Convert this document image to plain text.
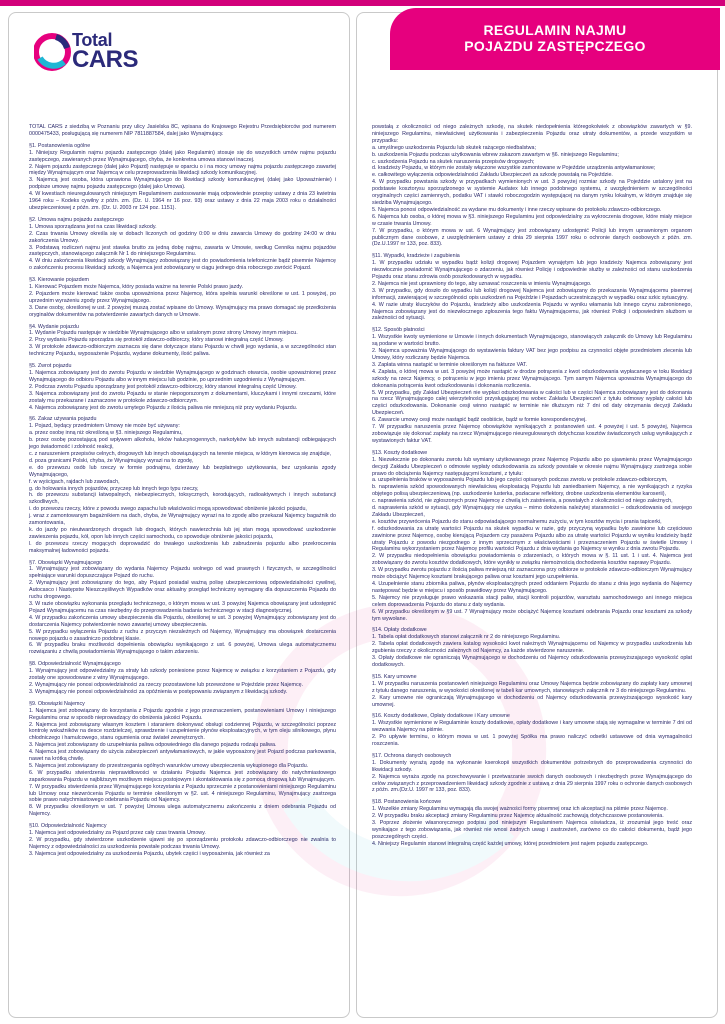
REGULAMIN NAJMU
POJAZDU ZASTĘPCZEGO
Total
CARS

TOTAL CARS z siedzibą w Poznaniu przy ulicy Jasielska 8C, wpisana do Krajowego Rejestru Przedsiębiorców pod numerem 0000475433, posługującą się numerem NIP 7811887584, dalej jako Wynajmujący.

§1. Postanowienia ogólne
1. Niniejszy Regulamin najmu pojazdu zastępczego (dalej jako Regulamin) stosuje się do wszystkich umów najmu pojazdu zastępczego, zawieranych przez Wynajmującego, chyba, że konkretna umowa stanowi inaczej.
2. Najem pojazdu zastępczego (dalej jako Pojazd) następuje w oparciu o i na mocy umowy najmu pojazdu zastępczego zawartej między Wynajmującym oraz Najemcą w celu przeprowadzenia likwidacji szkody komunikacyjnej.
3. Najemcą jest osoba, która uprawiona Wynajmującego do likwidacji szkody komunikacyjnej (dalej jako Upoważnienie) i podpisze umowę najmu pojazdu zastępczego (dalej jako Umowa).
4. W kwestiach nieuregulowanych niniejszym Regulaminem zastosowanie mają odpowiednie przepisy ustawy z dnia 23 kwietnia 1964 roku – Kodeks cywilny z późn. zm. (Dz. U. 1964 nr 16 poz. 93) oraz ustawy z dnia 22 maja 2003 roku o działalności ubezpieczeniowej z późn. zm. (Dz. U. 2003 nr 124 poz. 1151).
§2. Umowa najmu pojazdu zastępczego
1. Umowa sporządzana jest na czas likwidacji szkody.
2. Czas trwania Umowy określa się w dobach liczonych od godziny 0:00 w dniu zawarcia Umowy do godziny 24:00 w dniu zakończenia Umowy.
3. Podstawą rozliczeń najmu jest stawka brutto za jedną dobę najmu, zawarta w Umowie, według Cennika najmu pojazdów zastępczych, stanowiącego załącznik Nr 1 do niniejszego Regulaminu.
4. W dniu zakończenia likwidacji szkody Wynajmujący zobowiązany jest do powiadomienia telefonicznie bądź pisemnie Najemcę o zakończeniu procesu likwidacji szkody, a Najemca jest zobowiązany w ciągu jednego dnia roboczego zwrócić Pojazd.
§3. Kierowanie pojazdem
1. Kierować Pojazdem może Najemca, który posiada ważne na terenie Polski prawo jazdy.
2. Pojazdem może kierować także osoba upoważniona przez Najemcę, która spełnia warunki określone w ust. 1 powyżej, po uprzednim wyrażeniu zgody przez Wynajmującego.
3. Dane osoby, określonej w ust. 2 powyżej muszą zostać wpisane do Umowy. Wynajmujący ma prawo domagać się przedłożenia oryginałów dokumentów na potwierdzenie zawartych danych w Umowie.
§4. Wydanie pojazdu
1. Wydanie Pojazdu następuje w siedzibie Wynajmującego albo w ustalonym przez strony Umowy innym miejscu.
2. Przy wydaniu Pojazdu sporządza się protokół zdawczo-odbiorczy, który stanowi integralną część Umowy.
3. W protokole zdawczo-odbiorczym zaznacza się dane dotyczące stanu Pojazdu w chwili jego wydania, a w szczególności stan techniczny Pojazdu, wyposażenie Pojazdu, wydane dokumenty, ilość paliwa.
§5. Zwrot pojazdu
1. Najemca zobowiązany jest do zwrotu Pojazdu w siedzibie Wynajmującego w godzinach otwarcia, osobie upoważnionej przez Wynajmującego do odbioru Pojazdu albo w innym miejscu lub godzinie, po uprzednim uzgodnieniu z Wynajmującym.
2. Podczas zwrotu Pojazdu sporządzany jest protokół zdawczo-odbiorczy, który stanowi integralną część Umowy.
3. Najemca zobowiązany jest do zwrotu Pojazdu w stanie niepogorszonym z dokumentami, kluczykami i innymi rzeczami, które zostały mu przekazane i zaznaczone w protokole zdawczo-odbiorczym.
4. Najemca zobowiązany jest do zwrotu umytego Pojazdu z ilością paliwa nie mniejszą niż przy wydaniu Pojazdu.
§6. Zakaz używania pojazdu
1. Pojazd, będący przedmiotem Umowy nie może być używany:
a. przez osobę inną niż określoną w §3. niniejszego Regulaminu,
b. przez osobę pozostającą pod wpływem alkoholu, leków halucynogennych, narkotyków lub innych substancji odbiegających jego świadomość i zdolność reakcji,
c. z naruszeniem przepisów celnych, drogowych lub innych obowiązujących na terenie miejsca, w którym kierowca się znajduje,
d. poza granicami Polski, chyba, że Wynajmujący wyrazi na to zgodę,
e. do przewozu osób lub rzeczy w formie podnajmu, dzierżawy lub bezpłatnego użytkowania, bez uzyskania zgody Wynajmującego,
f. w wyścigach, rajdach lub zawodach,
g. do holowania innych pojazdów, przyczep lub innych tego typu rzeczy,
h. do przewozu substancji łatwopalnych, niebezpiecznych, toksycznych, korodujących, radioaktywnych i innych substancji szkodliwych,
i. do przewozu rzeczy, które z powodu swego zapachu lub właściwości mogą spowodować obniżenie jakości pojazdu,
j. wraz z zamontowanym bagażnikiem na dach, chyba, że Wynajmujący wyrazi na to zgodę albo przekazał Najemcy bagażnik do zamontowania,
k. do jazdy po nieutwardzonych drogach lub drogach, których nawierzchnia lub jej stan mogą spowodować uszkodzenie zawieszenia pojazdu, kół, opon lub innych części samochodu, co spowoduje obniżenie jakości pojazdu,
l. do przewozu rzeczy mogących doprowadzić do trwałego uszkodzenia lub zabrudzenia pojazdu albo przekroczenia maksymalnej ładowności pojazdu.
§7. Obowiązki Wynajmującego
1. Wynajmujący jest zobowiązany do wydania Najemcy Pojazdu wolnego od wad prawnych i fizycznych, w szczególności spełniające warunki dopuszczające Pojazd do ruchu.
2. Wynajmujący jest zobowiązany do tego, aby Pojazd posiadał ważną polisę ubezpieczeniową odpowiedzialności cywilnej, Autocasco i Następstw Nieszczęśliwych Wypadków oraz aktualny przegląd techniczny wymagany dla dopuszczenia Pojazdu do ruchu drogowego.
3. W razie obowiązku wykonania przeglądu technicznego, o którym mowa w ust. 3 powyżej Najemca obowiązany jest udostępnić Pojazd Wynajmującemu na czas niezbędny do przeprowadzenia badania technicznego w stacji diagnostycznej.
4. W przypadku zakończenia umowy ubezpieczenia dla Pojazdu, określonej w ust. 3 powyżej Wynajmujący zobowiązany jest do dostarczenia Najemcy potwierdzenie nowo zawartej umowy ubezpieczenia.
5. W przypadku wyłączenia Pojazdu z ruchu z przyczyn niezależnych od Najemcy, Wynajmujący ma obowiązek dostarczenia nowego pojazdu o zasadniczo podobnej klasie.
6. W przypadku braku możliwości dopełnienia obowiązku wynikającego z ust. 6 powyżej, Umowa ulega automatycznemu rozwiązaniu z chwilą powiadomienia Wynajmującego o takim zdarzeniu.
§8. Odpowiedzialność Wynajmującego
1. Wynajmujący jest odpowiedzialny za straty lub szkody poniesione przez Najemcę w związku z korzystaniem z Pojazdu, gdy zostały one spowodowane z winy Wynajmującego.
2. Wynajmujący nie ponosi odpowiedzialności za rzeczy pozostawione lub przewożone w Pojeździe przez Najemcę.
3. Wynajmujący nie ponosi odpowiedzialności za opóźnienia w postępowaniu związanym z likwidacją szkody.
§9. Obowiązki Najemcy
1. Najemca jest zobowiązany do korzystania z Pojazdu zgodnie z jego przeznaczeniem, postanowieniami Umowy i niniejszego Regulaminu oraz w sposób nieprowadzący do obniżenia jakości Pojazdu.
2. Najemca jest zobowiązany własnym kosztem i staraniem dokonywać obsługi codziennej Pojazdu, w szczególności poprzez kontrolę wskaźników na desce rozdzielczej, sprawdzenie i uzupełnienie płynów eksploatacyjnych, w tym oleju silnikowego, płynu chłodniczego i hamulcowego, stanu ogumienia oraz świateł zewnętrznych.
3. Najemca jest zobowiązany do uzupełniania paliwa odpowiedniego dla danego pojazdu rodzaju paliwa.
4. Najemca jest zobowiązany do użycia zabezpieczeń antywłamaniowych, w jakie wyposażony jest Pojazd podczas parkowania, nawet na krótką chwilę.
5. Najemca jest zobowiązany do przestrzegania ogólnych warunków umowy ubezpieczenia wykupionego dla Pojazdu.
6. W przypadku stwierdzenia nieprawidłowości w działaniu Pojazdu Najemca jest zobowiązany do natychmiastowego zaparkowania Pojazdu w najbliższym możliwym miejscu postojowym i skontaktowania się z pomocą drogową lub Wynajmującym.
7. W przypadku stwierdzenia przez Wynajmującego korzystania z Pojazdu sprzecznie z postanowieniami niniejszego Regulaminu lub Umowy oraz niezwrócenia Pojazdu w terminie określonym w §2. ust. 4 niniejszego Regulaminu, Wynajmujący zastrzega sobie prawo natychmiastowego odebrania Pojazdu od Najemcy.
8. W przypadku określonym w ust. 7 powyżej Umowa ulega automatycznemu zakończeniu z dniem odebrania Pojazdu od Najemcy.
§10. Odpowiedzialność Najemcy
1. Najemca jest odpowiedzialny za Pojazd przez cały czas trwania Umowy.
2. W przypadku, gdy stwierdzone uszkodzenie ujawni się po sporządzeniu protokołu zdawczo-odbiorczego nie zwalnia to Najemcy z odpowiedzialności za uszkodzenia powstałe podczas trwania Umowy.
3. Najemca jest odpowiedzialny za uszkodzenia Pojazdu, ubytek części i wyposażenia, jak również za
powstałą z okoliczności od niego zależnych szkodę, na skutek niedopełnienia któregokolwiek z obowiązków zawartych w §9. niniejszego Regulaminu, niewłaściwej użytkowania i zabezpieczenia Pojazdu oraz utraty dokumentów, a przede wszystkim w przypadku:
a. umyślnego uszkodzenia Pojazdu lub skutek rażącego niedbalstwa;
b. uszkodzenia Pojazdu podczas użytkowania wbrew zakazom zawartym w §6. niniejszego Regulaminu;
c. uszkodzenia Pojazdu na skutek naruszenia przepisów drogowych;
d. kradzieży Pojazdu, w którym nie zostały włączone wszystkie zamontowane w Pojeździe urządzenia antywłamaniowe;
e. całkowitego wyłączenia odpowiedzialności Zakładu Ubezpieczeń za szkodę powstałą na Pojeździe.
4. W przypadku powstania szkody w przypadkach wymienionych w ust. 3 powyżej rozmiar szkody na Pojeździe ustalony jest na podstawie kosztorysu sporządzonego w systemie Audatex lub innego podobnego systemu, z uwzględnieniem w szczególności oryginalnych części zamiennych, podatku VAT i stawki roboczogodzin występującej na danym rynku lokalnym, w którym znajduje się siedziba Wynajmującego.
5. Najemca ponosi odpowiedzialność za wydane mu dokumenty i inne rzeczy wpisane do protokołu zdawczo-odbiorczego.
6. Najemca lub osoba, o której mowa w §3. niniejszego Regulaminu jest odpowiedzialny za wykroczenia drogowe, które miały miejsce w czasie trwania Umowy.
7. W przypadku, o którym mowa w ust. 6 Wynajmujący jest zobowiązany udostępnić Policji lub innym uprawnionym organom publicznym dane osobowe, z uwzględnieniem ustawy z dnia 29 sierpnia 1997 roku o ochronie danych osobowych z późn. zm.(Dz.U.1997 nr 133, poz. 833).
§11. Wypadki, kradzieże i zagubienia
1. W przypadku udziału w wypadku bądź kolizji drogowej Pojazdem wynajętym lub jego kradzieży Najemca zobowiązany jest niezwłocznie powiadomić Wynajmującego o zdarzeniu, jak również Policję i odpowiednie służby w zależności od stanu uszkodzenia Pojazdu oraz stanu zdrowia osób poszkodowanych w wypadku.
2. Najemca nie jest uprawniony do tego, aby uznawać roszczenia w imieniu Wynajmującego.
3. W przypadku, gdy doszło do wypadku lub kolizji drogowej Najemca jest zobowiązany do przekazania Wynajmującemu pisemnej informacji, zawierającej w szczególności opis uszkodzeń na Pojeździe i Pojazdach uczestniczących w wypadku oraz szkic sytuacyjny.
4. W razie utraty kluczyków do Pojazdu, kradzieży albo uszkodzenia Pojazdu w wyniku włamania lub innego czynu zabronionego, Najemca zobowiązany jest do niezwłocznego zgłoszenia tego faktu Wynajmującemu, jak również Policji i odpowiednim służbom w zależności od sytuacji.
§12. Sposób płatności
1. Wszystkie kwoty wymienione w Umowie i innych dokumentach Wynajmującego, stanowiących załącznik do Umowy lub Regulaminu są podane w wartości brutto.
2. Najemca upoważnia Wynajmującego do wystawienia faktury VAT bez jego podpisu za czynności objęte przedmiotem zlecenia lub Umowy, który rozliczany będzie Najemca.
3. Zapłata winna nastąpić w terminie określonym na fakturze VAT.
4. Zapłata, o której mowa w ust. 3 powyżej może nastąpić w drodze potrącenia z kwot odszkodowania wypłacanego w toku likwidacji szkody na rzecz Najemcy, o potrąceniu w jego imieniu przez Wynajmującego. Tym samym Najemca upoważnia Wynajmującego do dokonania potrącenia kwot odszkodowania i dokonania rozliczenia.
5. W przypadku, gdy Zakład Ubezpieczeń nie wypłaci odszkodowania w całości lub w części Najemca zobowiązany jest do dokonania na rzecz Wynajmującego całej wierzytelności przysługującej mu wobec Zakładu Ubezpieczeń z tytułu odmowy wypłaty całości lub części odszkodowania. Dokonanie cesji winno nastąpić w terminie nie dłuższym niż 7 dni od daty otrzymania decyzji Zakładu Ubezpieczeń.
6. Zawarcie umowy cesji może nastąpić bądź osobiście, bądź w formie korespondencyjnej.
7. W przypadku naruszenia przez Najemcę obowiązków wynikających z postanowień ust. 4 powyżej i ust. 5 powyżej, Najemca zobowiązuje się dokonać zapłaty na rzecz Wynajmującego nieuregulowanych dotychczas kosztów świadczonych usług wynikających z wystawionych faktur VAT.
§13. Koszty dodatkowe
1. Niezwłocznie po dokonaniu zwrotu lub wymiany użytkowanego przez Najemcę Pojazdu albo po ujawnieniu przez Wynajmującego decyzji Zakładu Ubezpieczeń o odmowie wypłaty odszkodowania za szkody powstałe w okresie najmu Wynajmujący zastrzega sobie prawo do obciążenia Najemcy następującymi kosztami, z tytułu:
a. uzupełnienia braków w wyposażeniu Pojazdu lub jego części opisanych podczas zwrotu w protokole zdawczo-odbiorczym,
b. naprawienia szkód spowodowanych niewłaściwą eksploatacją Pojazdu lub zaniedbaniem Najemcy, a nie wynikających z ryzyka objętego polisą ubezpieczeniową (np. uszkodzenie lusterka, pozłacane reflektory, drobne uszkodzenia elementów karoserii),
c. naprawienia szkód, nie zgłoszonych przez Najemcę z chwilą ich zaistnienia, a powstałych z okoliczności od niego zależnych,
d. naprawienia szkód w sytuacji, gdy Wynajmujący nie uzyska – mimo dołożenia należytej staranności – odszkodowania od swojego Zakładu Ubezpieczeń,
e. kosztów przywrócenia Pojazdu do stanu odpowiadającego normalnemu zużyciu, w tym kosztów mycia i prania tapicerki,
f. odszkodowania za utratę wartości Pojazdu na skutek wypadku w razie, gdy przyczyną wypadku było zawinione lub częściowo zawinione przez Najemcę, osobę kierującą Pojazdem czy pasażera Pojazdu albo za utratę wartości Pojazdu w wyniku kradzieży bądź utraty Pojazdu z powodu niezgodnego z innym sprzecznym z właściwościami i przeznaczeniem Pojazdu w świetle Umowy i Regulaminu wykorzystaniem przez Najemcę profilu wartości Pojazdu z dnia wydania go Najemcy w wyniku z dnia zwrotu Pojazdu.
2. W przypadku niedopełnienia obowiązku powiadomienia o zdarzeniach, o których mowa w §. 11 ust. 1 i ust. 4. Najemca jest zobowiązany do zwrotu kosztów dodatkowych, które wynikły w związku niemożnością dochodzenia kosztów naprawy Pojazdu.
3. W przypadku zwrotu pojazdu z ilością paliwa mniejszą niż zaznaczona przy odbiorze w protokole zdawczo-odbiorczym Wynajmujący może obciążyć Najemcę kosztami brakującego paliwa oraz kosztami jego uzupełnienia.
4. Uzupełnienie stanu zbiornika paliwa, płynów eksploatacyjnych przed oddaniem Pojazdu do stanu z dnia jego wydania do Najemcy następować będzie w miejscu i sposób prawidłowy przez Wynajmującego.
5. Najemcy nie przysługuje prawo wskazania stacji paliw, stacji kontroli pojazdów, warsztatu samochodowego ani innego miejsca celem doprowadzenia Pojazdu do stanu z daty wydania.
6. W przypadku określonym w §9 ust. 7 Wynajmujący może obciążyć Najemcę kosztami odebrania Pojazdu oraz kosztami za szkody tym wywołane.
§14. Opłaty dodatkowe
1. Tabela opłat dodatkowych stanowi załącznik nr 2 do niniejszego Regulaminu.
2. Tabela opłat dodatkowych zawiera katalog wysokości kwot należnych Wynajmującemu od Najemcy w przypadku uszkodzenia lub zgubienia rzeczy z okoliczności zależnych od Najemcy, za każde stwierdzone naruszenie.
3. Opłaty dodatkowe nie ograniczają Wynajmującego w dochodzeniu od Najemcy odszkodowania przewyższającego wysokość opłat dodatkowych.
§15. Kary umowne
1. W przypadku naruszenia postanowień niniejszego Regulaminu oraz Umowy Najemca będzie zobowiązany do zapłaty kary umownej z tytułu danego naruszenia, w wysokości określonej w tabeli kar umownych, stanowiących załącznik nr 3 do niniejszego Regulaminu.
2. Kary umowne nie ograniczają Wynajmującego w dochodzeniu od Najemcy odszkodowania przewyższającego wysokość kary umownej.
§16. Koszty dodatkowe, Opłaty dodatkowe i Kary umowne
1. Wszystkie wymienione w Regulaminie koszty dodatkowe, opłaty dodatkowe i kary umowne stają się wymagalne w terminie 7 dni od wezwania Najemcy na piśmie.
2. Po upływie terminu, o którym mowa w ust. 1 powyżej Spółka ma prawo naliczyć odsetki ustawowe od dnia wymagalności roszczenia.
§17. Ochrona danych osobowych
1. Dokumenty wyrażą zgodę na wykonanie kserokopii wszystkich dokumentów potrzebnych do przeprowadzenia czynności do likwidacji szkody.
2. Najemca wyraża zgodę na przechowywanie i przetwarzanie swoich danych osobowych i niezbędnych przez Wynajmującego do celów związanych z przeprowadzeniem likwidacji szkody zgodnie z ustawą z dnia 29 sierpnia 1997 roku o ochronie danych osobowych z późn. zm.(Dz.U. 1997 nr 133, poz. 833).
§18. Postanowienia końcowe
1. Wszelkie zmiany Regulaminu wymagają dla swojej ważności formy pisemnej oraz ich akceptacji na piśmie przez Najemcę.
2. W przypadku braku akceptacji zmiany Regulaminu przez Najemcę aktualność zachowują dotychczasowe postanowienia.
3. Poprzez złożenie własnoręcznego podpisu pod niniejszym Regulaminem Najemca oświadcza, iż zrozumiał jego treść oraz wynikające z tego zobowiązania, jak również nie wnosi żadnych uwag i zastrzeżeń, zarówno co do całości dokumentu, bądź jego poszczególnych części.
4. Niniejszy Regulamin stanowi integralną część każdej umowy, której przedmiotem jest najem pojazdu zastępczego.
